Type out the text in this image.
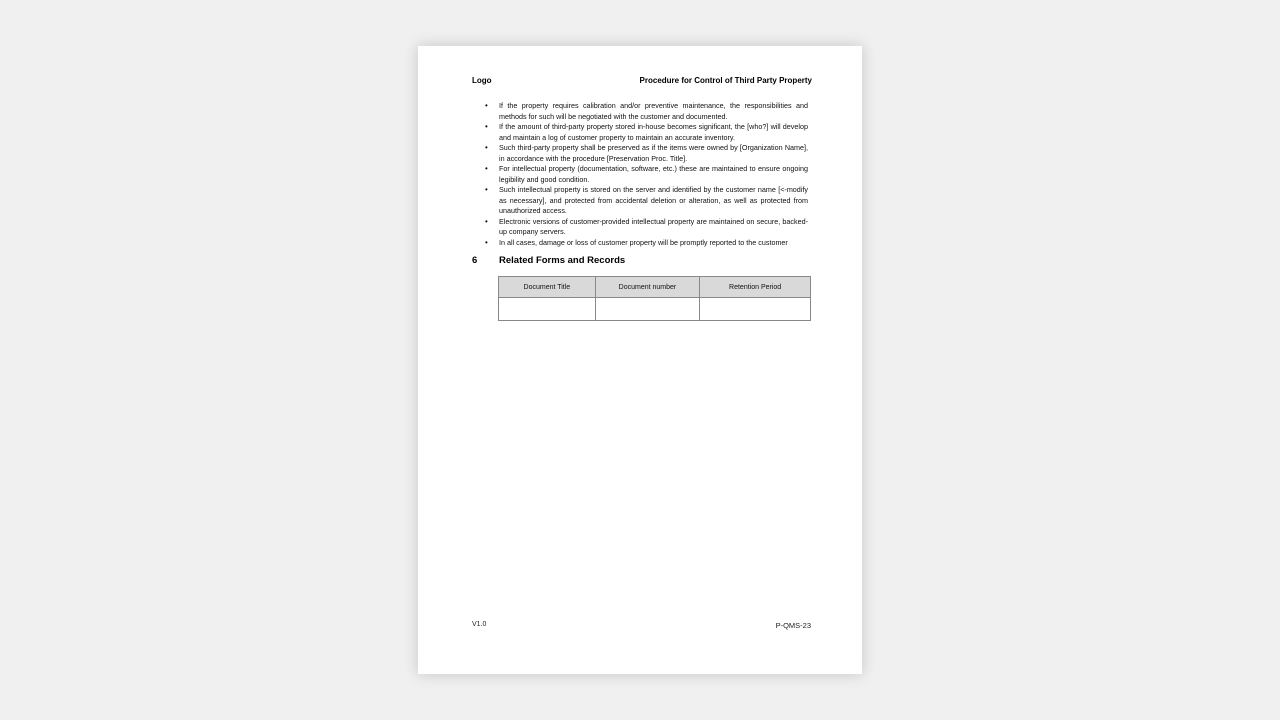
Logo	Procedure for Control of Third Party Property
• If the property requires calibration and/or preventive maintenance, the responsibilities and methods for such will be negotiated with the customer and documented.
• If the amount of third-party property stored in-house becomes significant, the [who?] will develop and maintain a log of customer property to maintain an accurate inventory.
• Such third-party property shall be preserved as if the items were owned by [Organization Name], in accordance with the procedure [Preservation Proc. Title].
• For intellectual property (documentation, software, etc.) these are maintained to ensure ongoing legibility and good condition.
• Such intellectual property is stored on the server and identified by the customer name [<-modify as necessary], and protected from accidental deletion or alteration, as well as protected from unauthorized access.
• Electronic versions of customer-provided intellectual property are maintained on secure, backed-up company servers.
• In all cases, damage or loss of customer property will be promptly reported to the customer
6 Related Forms and Records
Document Title	Document number	Retention Period

V1.0	P-QMS-23
